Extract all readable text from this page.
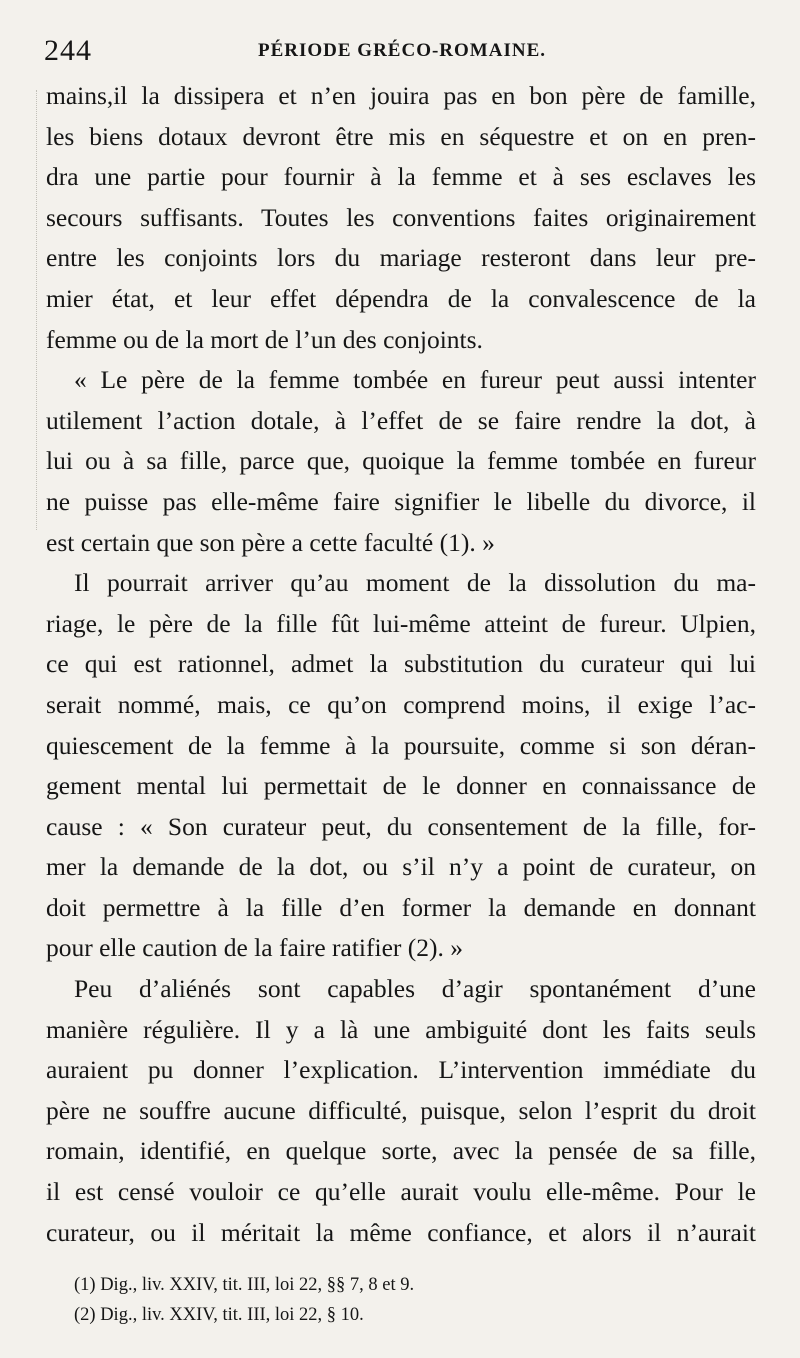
244	PÉRIODE GRÉCO-ROMAINE.
mains,il la dissipera et n’en jouira pas en bon père de famille,
les biens dotaux devront être mis en séquestre et on en pren-
dra une partie pour fournir à la femme et à ses esclaves les
secours suffisants. Toutes les conventions faites originairement
entre les conjoints lors du mariage resteront dans leur pre-
mier état, et leur effet dépendra de la convalescence de la
femme ou de la mort de l’un des conjoints.
« Le père de la femme tombée en fureur peut aussi intenter
utilement l’action dotale, à l’effet de se faire rendre la dot, à
lui ou à sa fille, parce que, quoique la femme tombée en fureur
ne puisse pas elle-même faire signifier le libelle du divorce, il
est certain que son père a cette faculté (1). »
Il pourrait arriver qu’au moment de la dissolution du ma-
riage, le père de la fille fût lui-même atteint de fureur. Ulpien,
ce qui est rationnel, admet la substitution du curateur qui lui
serait nommé, mais, ce qu’on comprend moins, il exige l’ac-
quiescement de la femme à la poursuite, comme si son déran-
gement mental lui permettait de le donner en connaissance de
cause : « Son curateur peut, du consentement de la fille, for-
mer la demande de la dot, ou s’il n’y a point de curateur, on
doit permettre à la fille d’en former la demande en donnant
pour elle caution de la faire ratifier (2). »
Peu d’aliénés sont capables d’agir spontanément d’une
manière régulière. Il y a là une ambiguité dont les faits seuls
auraient pu donner l’explication. L’intervention immédiate du
père ne souffre aucune difficulté, puisque, selon l’esprit du droit
romain, identifié, en quelque sorte, avec la pensée de sa fille,
il est censé vouloir ce qu’elle aurait voulu elle-même. Pour le
curateur, ou il méritait la même confiance, et alors il n’aurait
(1) Dig., liv. XXIV, tit. III, loi 22, §§ 7, 8 et 9.
(2) Dig., liv. XXIV, tit. III, loi 22, § 10.
